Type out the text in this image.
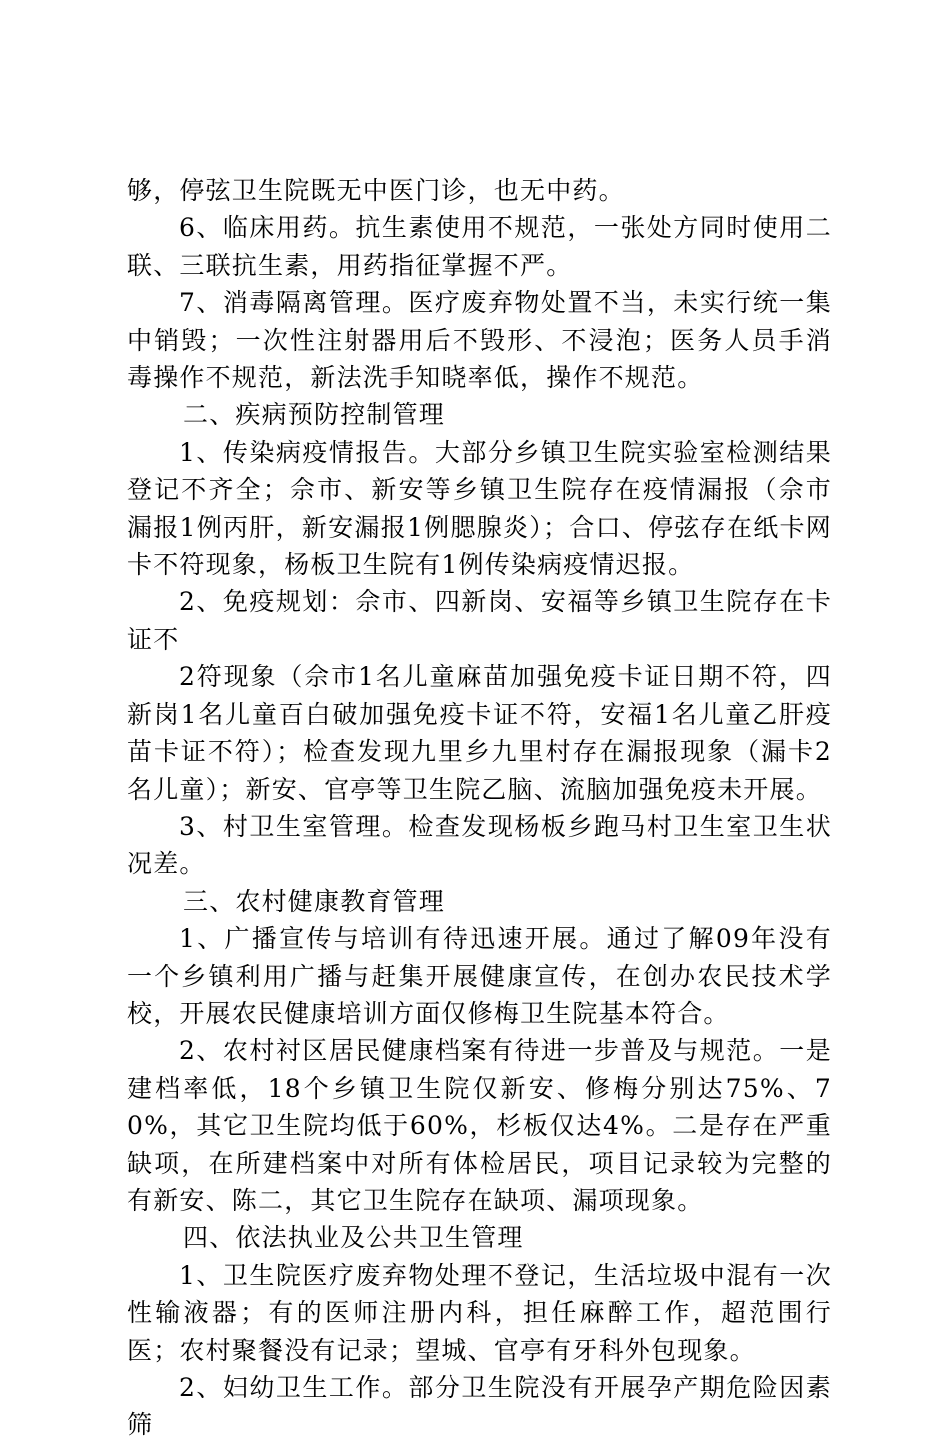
够，停弦卫生院既无中医门诊，也无中药。

6、临床用药。抗生素使用不规范，一张处方同时使用二联、三联抗生素，用药指征掌握不严。

7、消毒隔离管理。医疗废弃物处置不当，未实行统一集中销毁；一次性注射器用后不毁形、不浸泡；医务人员手消毒操作不规范，新法洗手知晓率低，操作不规范。

二、疾病预防控制管理

1、传染病疫情报告。大部分乡镇卫生院实验室检测结果登记不齐全；佘市、新安等乡镇卫生院存在疫情漏报（佘市漏报1例丙肝，新安漏报1例腮腺炎）；合口、停弦存在纸卡网卡不符现象，杨板卫生院有1例传染病疫情迟报。

2、免疫规划：佘市、四新岗、安福等乡镇卫生院存在卡证不

2符现象（佘市1名儿童麻苗加强免疫卡证日期不符，四新岗1名儿童百白破加强免疫卡证不符，安福1名儿童乙肝疫苗卡证不符）；检查发现九里乡九里村存在漏报现象（漏卡2名儿童）；新安、官亭等卫生院乙脑、流脑加强免疫未开展。

3、村卫生室管理。检查发现杨板乡跑马村卫生室卫生状况差。

三、农村健康教育管理

1、广播宣传与培训有待迅速开展。通过了解09年没有一个乡镇利用广播与赶集开展健康宣传，在创办农民技术学校，开展农民健康培训方面仅修梅卫生院基本符合。

2、农村衬区居民健康档案有待进一步普及与规范。一是建档率低，18个乡镇卫生院仅新安、修梅分别达75%、70%，其它卫生院均低于60%，杉板仅达4%。二是存在严重缺项，在所建档案中对所有体检居民，项目记录较为完整的有新安、陈二，其它卫生院存在缺项、漏项现象。

四、依法执业及公共卫生管理

1、卫生院医疗废弃物处理不登记，生活垃圾中混有一次性输液器；有的医师注册内科，担任麻醉工作，超范围行医；农村聚餐没有记录；望城、官亭有牙科外包现象。

2、妇幼卫生工作。部分卫生院没有开展孕产期危险因素筛
